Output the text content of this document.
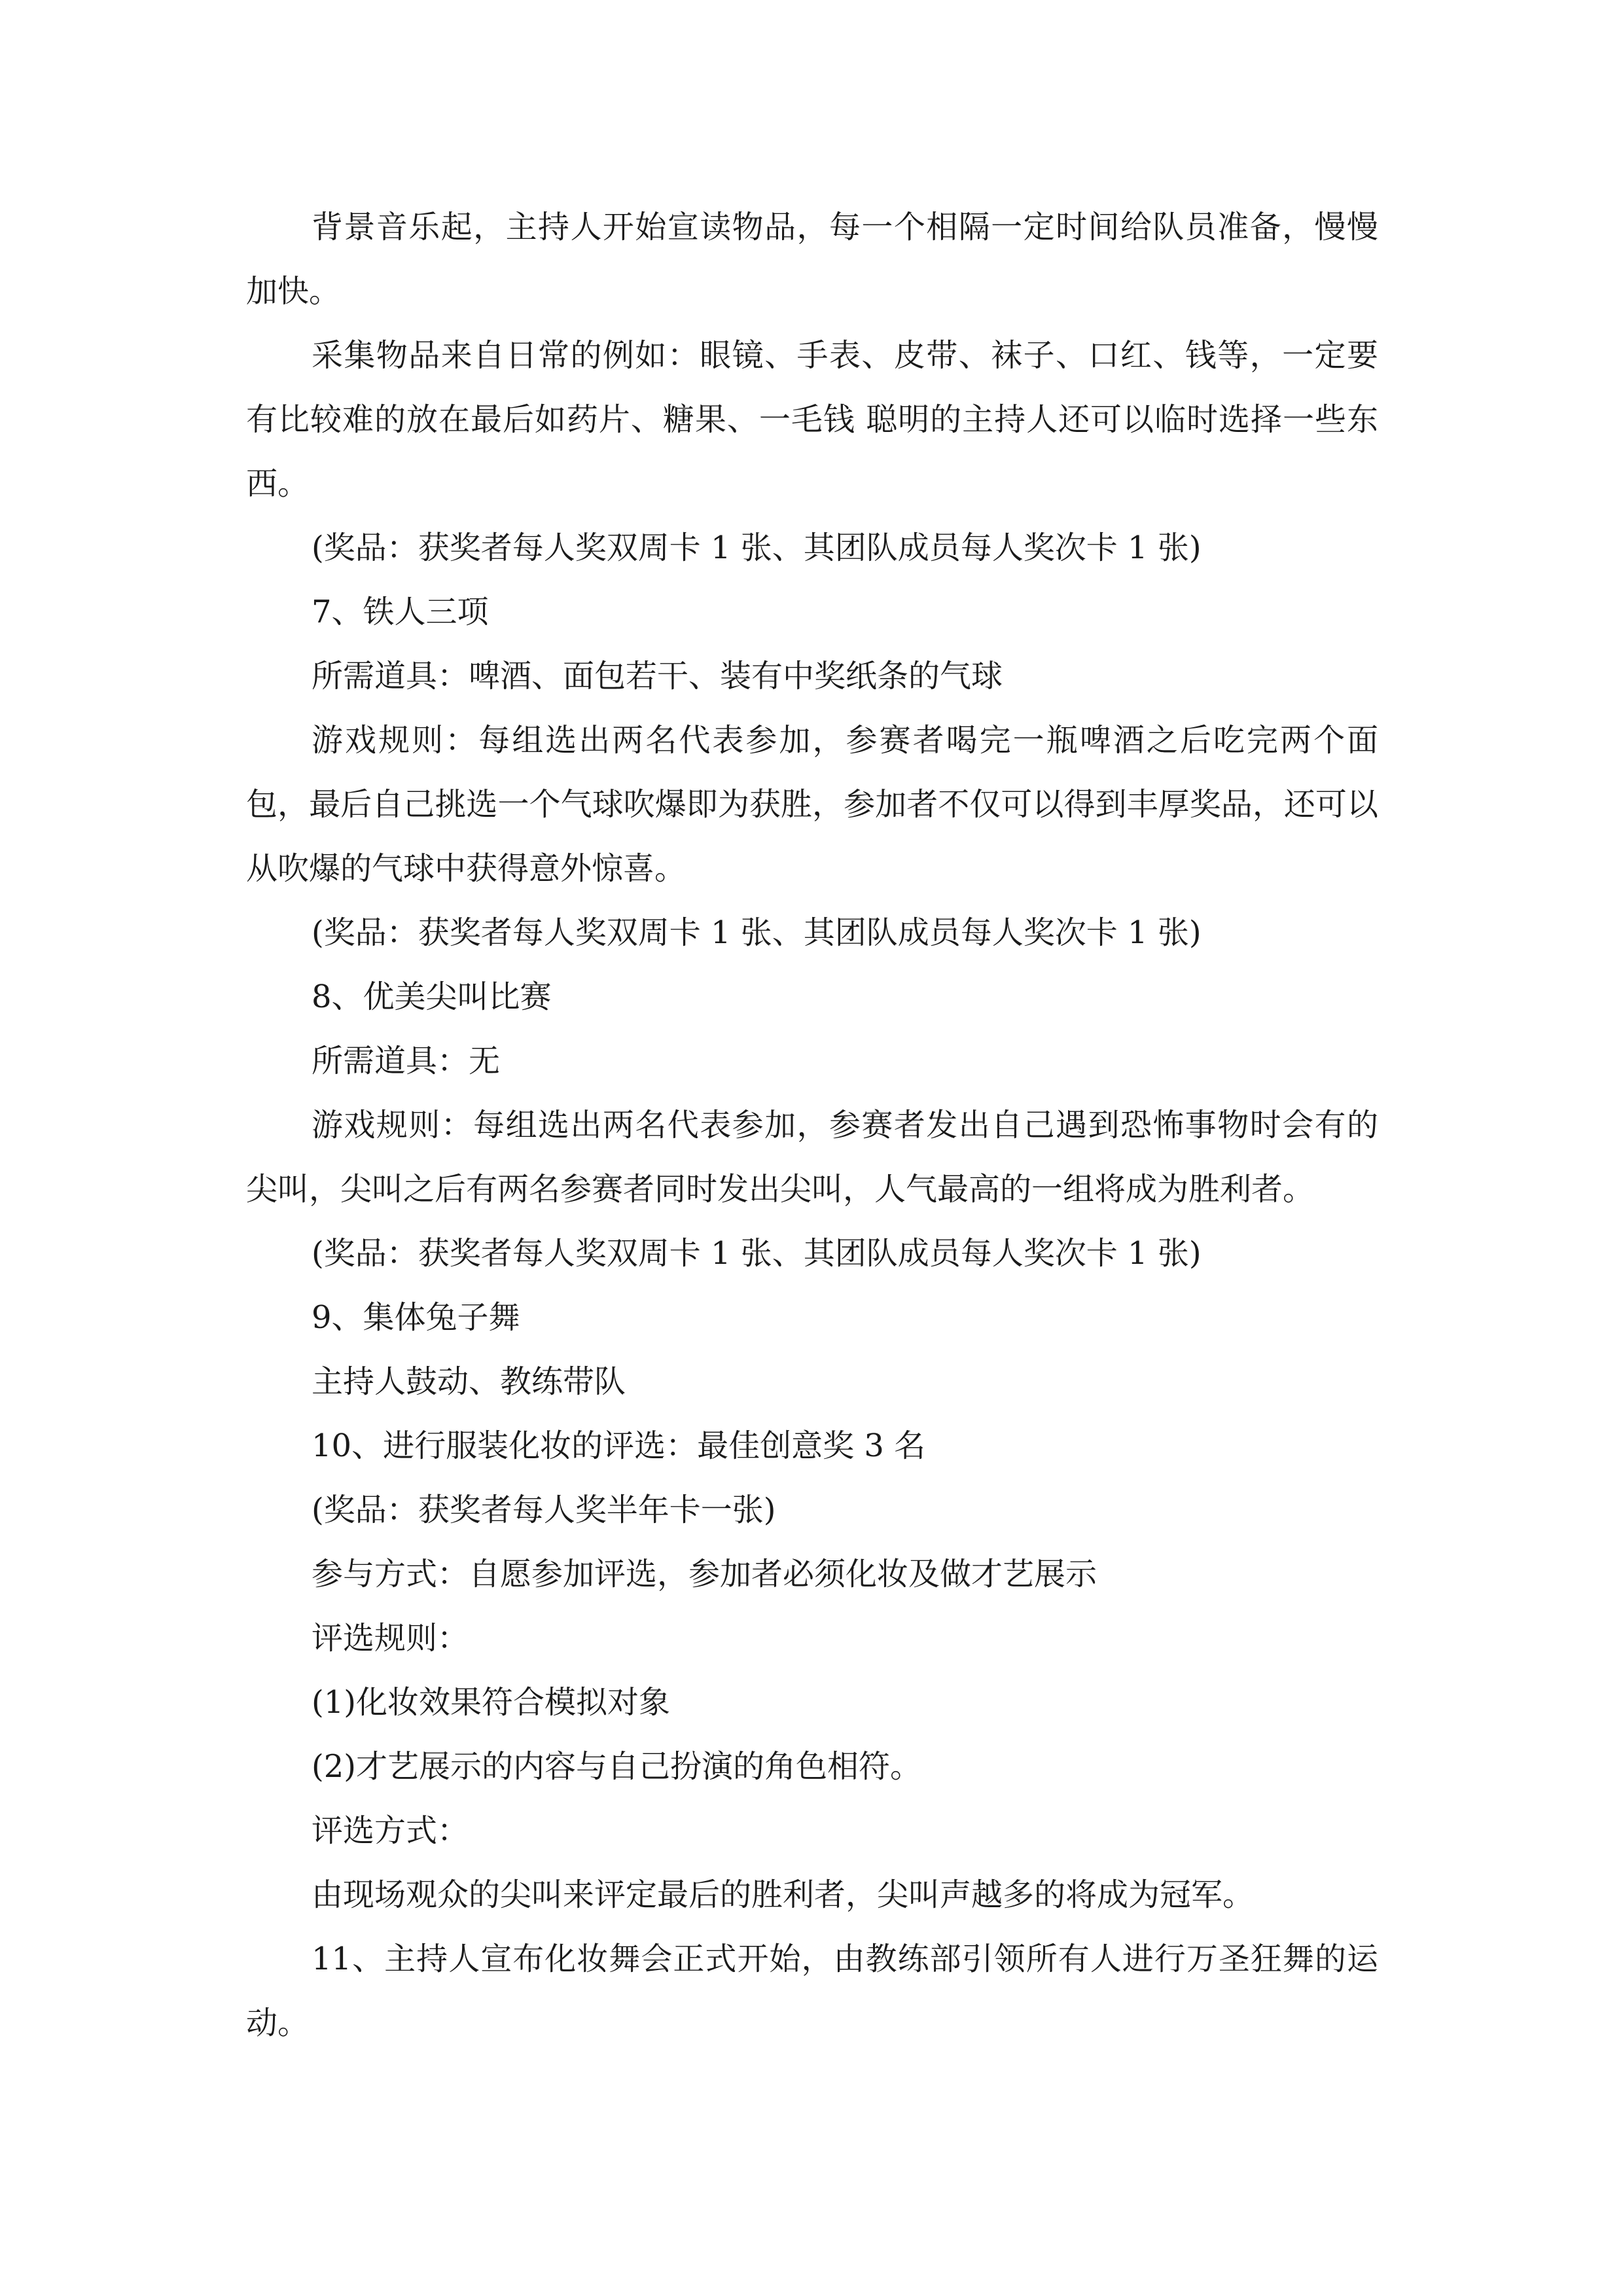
背景音乐起，主持人开始宣读物品，每一个相隔一定时间给队员准备，慢慢加快。

采集物品来自日常的例如：眼镜、手表、皮带、袜子、口红、钱等，一定要有比较难的放在最后如药片、糖果、一毛钱 聪明的主持人还可以临时选择一些东西。

(奖品：获奖者每人奖双周卡 1 张、其团队成员每人奖次卡 1 张)

7、铁人三项

所需道具：啤酒、面包若干、装有中奖纸条的气球

游戏规则：每组选出两名代表参加，参赛者喝完一瓶啤酒之后吃完两个面包，最后自己挑选一个气球吹爆即为获胜，参加者不仅可以得到丰厚奖品，还可以从吹爆的气球中获得意外惊喜。

(奖品：获奖者每人奖双周卡 1 张、其团队成员每人奖次卡 1 张)

8、优美尖叫比赛

所需道具：无

游戏规则：每组选出两名代表参加，参赛者发出自己遇到恐怖事物时会有的尖叫，尖叫之后有两名参赛者同时发出尖叫，人气最高的一组将成为胜利者。

(奖品：获奖者每人奖双周卡 1 张、其团队成员每人奖次卡 1 张)

9、集体兔子舞

主持人鼓动、教练带队

10、进行服装化妆的评选：最佳创意奖 3 名

(奖品：获奖者每人奖半年卡一张)

参与方式：自愿参加评选，参加者必须化妆及做才艺展示

评选规则：

(1)化妆效果符合模拟对象

(2)才艺展示的内容与自己扮演的角色相符。

评选方式：

由现场观众的尖叫来评定最后的胜利者，尖叫声越多的将成为冠军。

11、主持人宣布化妆舞会正式开始，由教练部引领所有人进行万圣狂舞的运动。
